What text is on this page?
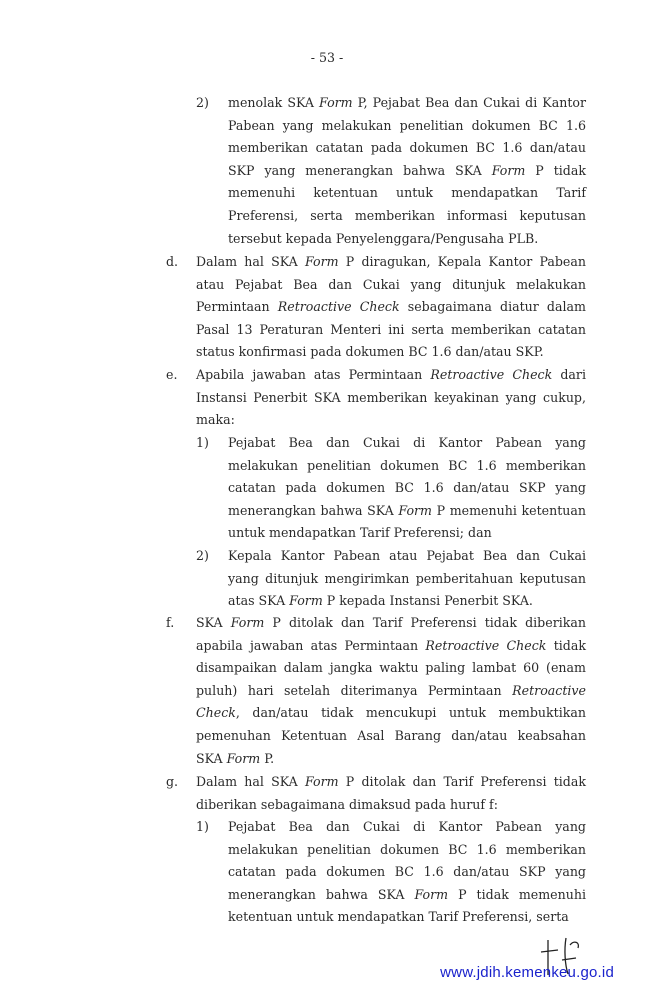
- 53 -
2) menolak SKA Form P, Pejabat Bea dan Cukai di Kantor
Pabean yang melakukan penelitian dokumen BC 1.6
memberikan catatan pada dokumen BC 1.6 dan/atau
SKP yang menerangkan bahwa SKA Form P tidak
memenuhi ketentuan untuk mendapatkan Tarif
Preferensi, serta memberikan informasi keputusan
tersebut kepada Penyelenggara/Pengusaha PLB.
d. Dalam hal SKA Form P diragukan, Kepala Kantor Pabean
atau Pejabat Bea dan Cukai yang ditunjuk melakukan
Permintaan Retroactive Check sebagaimana diatur dalam
Pasal 13 Peraturan Menteri ini serta memberikan catatan
status konfirmasi pada dokumen BC 1.6 dan/atau SKP.
e. Apabila jawaban atas Permintaan Retroactive Check dari
Instansi Penerbit SKA memberikan keyakinan yang cukup,
maka:
1) Pejabat Bea dan Cukai di Kantor Pabean yang
melakukan penelitian dokumen BC 1.6 memberikan
catatan pada dokumen BC 1.6 dan/atau SKP yang
menerangkan bahwa SKA Form P memenuhi ketentuan
untuk mendapatkan Tarif Preferensi; dan
2) Kepala Kantor Pabean atau Pejabat Bea dan Cukai
yang ditunjuk mengirimkan pemberitahuan keputusan
atas SKA Form P kepada Instansi Penerbit SKA.
f. SKA Form P ditolak dan Tarif Preferensi tidak diberikan
apabila jawaban atas Permintaan Retroactive Check tidak
disampaikan dalam jangka waktu paling lambat 60 (enam
puluh) hari setelah diterimanya Permintaan Retroactive
Check, dan/atau tidak mencukupi untuk membuktikan
pemenuhan Ketentuan Asal Barang dan/atau keabsahan
SKA Form P.
g. Dalam hal SKA Form P ditolak dan Tarif Preferensi tidak
diberikan sebagaimana dimaksud pada huruf f:
1) Pejabat Bea dan Cukai di Kantor Pabean yang
melakukan penelitian dokumen BC 1.6 memberikan
catatan pada dokumen BC 1.6 dan/atau SKP yang
menerangkan bahwa SKA Form P tidak memenuhi
ketentuan untuk mendapatkan Tarif Preferensi, serta
www.jdih.kemenkeu.go.id
